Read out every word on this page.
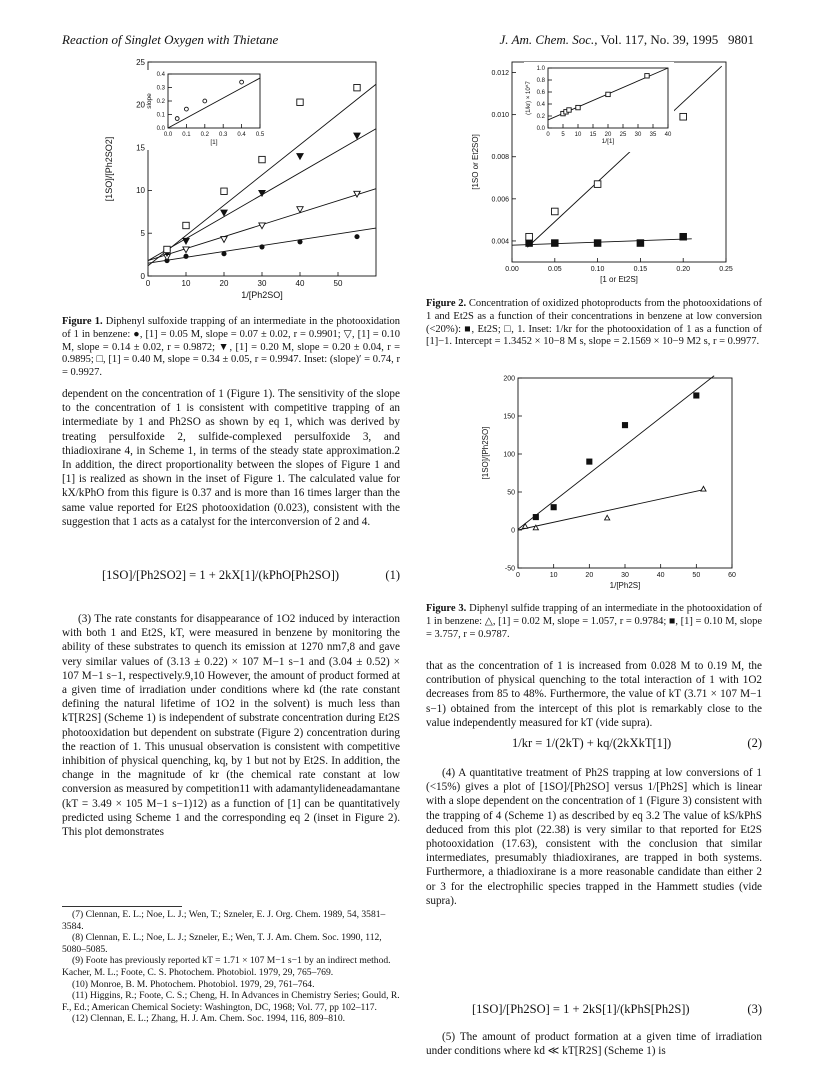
Reaction of Singlet Oxygen with Thietane	J. Am. Chem. Soc., Vol. 117, No. 39, 1995 9801
0	10	20	30	40	50
0
5
10
15
20
25
1/[Ph2SO]
[1SO]/[Ph2SO2]
0.0 0.1 0.2 0.3 0.4 0.5
0.0
0.1
0.2
0.3
0.4
[1]
slope
Figure 1. Diphenyl sulfoxide trapping of an intermediate in the photooxidation of 1 in benzene: ●, [1] = 0.05 M, slope = 0.07 ± 0.02, r = 0.9901; ▽, [1] = 0.10 M, slope = 0.14 ± 0.02, r = 0.9872; ▼, [1] = 0.20 M, slope = 0.20 ± 0.04, r = 0.9895; □, [1] = 0.40 M, slope = 0.34 ± 0.05, r = 0.9947. Inset: (slope)′ = 0.74, r = 0.9927.
0.00	0.05	0.10	0.15	0.20	0.25
0.004
0.006
0.008
0.010
0.012
[1 or Et2S]
[1SO or Et2SO]	0 5 10 15 20 25 30 35 40
0.0
0.2
0.4
0.6
0.8
1.0
1/[1]
(1/kr) × 10^7
Figure 2. Concentration of oxidized photoproducts from the photooxidations of 1 and Et2S as a function of their concentrations in benzene at low conversion (<20%): ■, Et2S; □, 1. Inset: 1/kr for the photooxidation of 1 as a function of [1]−1. Intercept = 1.3452 × 10−8 M s, slope = 2.1569 × 10−9 M2 s, r = 0.9977.
0	10	20	30	40	50	60
-50
0
50
100
150
200
1/[Ph2S]
[1SO]/[Ph2SO]
Figure 3. Diphenyl sulfide trapping of an intermediate in the photooxidation of 1 in benzene: △, [1] = 0.02 M, slope = 1.057, r = 0.9784; ■, [1] = 0.10 M, slope = 3.757, r = 0.9787.

dependent on the concentration of 1 (Figure 1). The sensitivity of the slope to the concentration of 1 is consistent with competitive trapping of an intermediate by 1 and Ph2SO as shown by eq 1, which was derived by treating persulfoxide 2, sulfide-complexed persulfoxide 3, and thiadioxirane 4, in Scheme 1, in terms of the steady state approximation.2 In addition, the direct proportionality between the slopes of Figure 1 and [1] is realized as shown in the inset of Figure 1. The calculated value for kX/kPhO from this figure is 0.37 and is more than 16 times larger than the same value reported for Et2S photooxidation (0.023), consistent with the suggestion that 1 acts as a catalyst for the interconversion of 2 and 4.

[1SO]/[Ph2SO2] = 1 + 2kX[1]/(kPhO[Ph2SO])	(1)

(3) The rate constants for disappearance of 1O2 induced by interaction with both 1 and Et2S, kT, were measured in benzene by monitoring the ability of these substrates to quench its emission at 1270 nm7,8 and gave very similar values of (3.13 ± 0.22) × 107 M−1 s−1 and (3.04 ± 0.52) × 107 M−1 s−1, respectively.9,10 However, the amount of product formed at a given time of irradiation under conditions where kd (the rate constant defining the natural lifetime of 1O2 in the solvent) is much less than kT[R2S] (Scheme 1) is independent of substrate concentration during Et2S photooxidation but dependent on substrate (Figure 2) concentration during the reaction of 1. This unusual observation is consistent with competitive inhibition of physical quenching, kq, by 1 but not by Et2S. In addition, the change in the magnitude of kr (the chemical rate constant at low conversion as measured by competition11 with adamantylideneadamantane (kT = 3.49 × 105 M−1 s−1)12) as a function of [1] can be quantitatively predicted using Scheme 1 and the corresponding eq 2 (inset in Figure 2). This plot demonstrates

(7) Clennan, E. L.; Noe, L. J.; Wen, T.; Szneler, E. J. Org. Chem. 1989, 54, 3581–3584.

(8) Clennan, E. L.; Noe, L. J.; Szneler, E.; Wen, T. J. Am. Chem. Soc. 1990, 112, 5080–5085.

(9) Foote has previously reported kT = 1.71 × 107 M−1 s−1 by an indirect method. Kacher, M. L.; Foote, C. S. Photochem. Photobiol. 1979, 29, 765–769.

(10) Monroe, B. M. Photochem. Photobiol. 1979, 29, 761–764.

(11) Higgins, R.; Foote, C. S.; Cheng, H. In Advances in Chemistry Series; Gould, R. F., Ed.; American Chemical Society: Washington, DC, 1968; Vol. 77, pp 102–117.

(12) Clennan, E. L.; Zhang, H. J. Am. Chem. Soc. 1994, 116, 809–810.

that as the concentration of 1 is increased from 0.028 M to 0.19 M, the contribution of physical quenching to the total interaction of 1 with 1O2 decreases from 85 to 48%. Furthermore, the value of kT (3.71 × 107 M−1 s−1) obtained from the intercept of this plot is remarkably close to the value independently measured for kT (vide supra).

1/kr = 1/(2kT) + kq/(2kXkT[1])	(2)

(4) A quantitative treatment of Ph2S trapping at low conversions of 1 (<15%) gives a plot of [1SO]/[Ph2SO] versus 1/[Ph2S] which is linear with a slope dependent on the concentration of 1 (Figure 3) consistent with the trapping of 4 (Scheme 1) as described by eq 3.2 The value of kS/kPhS deduced from this plot (22.38) is very similar to that reported for Et2S photooxidation (17.63), consistent with the conclusion that similar intermediates, presumably thiadioxiranes, are trapped in both systems. Furthermore, a thiadioxirane is a more reasonable candidate than either 2 or 3 for the electrophilic species trapped in the Hammett studies (vide supra).

[1SO]/[Ph2SO] = 1 + 2kS[1]/(kPhS[Ph2S])	(3)

(5) The amount of product formation at a given time of irradiation under conditions where kd ≪ kT[R2S] (Scheme 1) is
